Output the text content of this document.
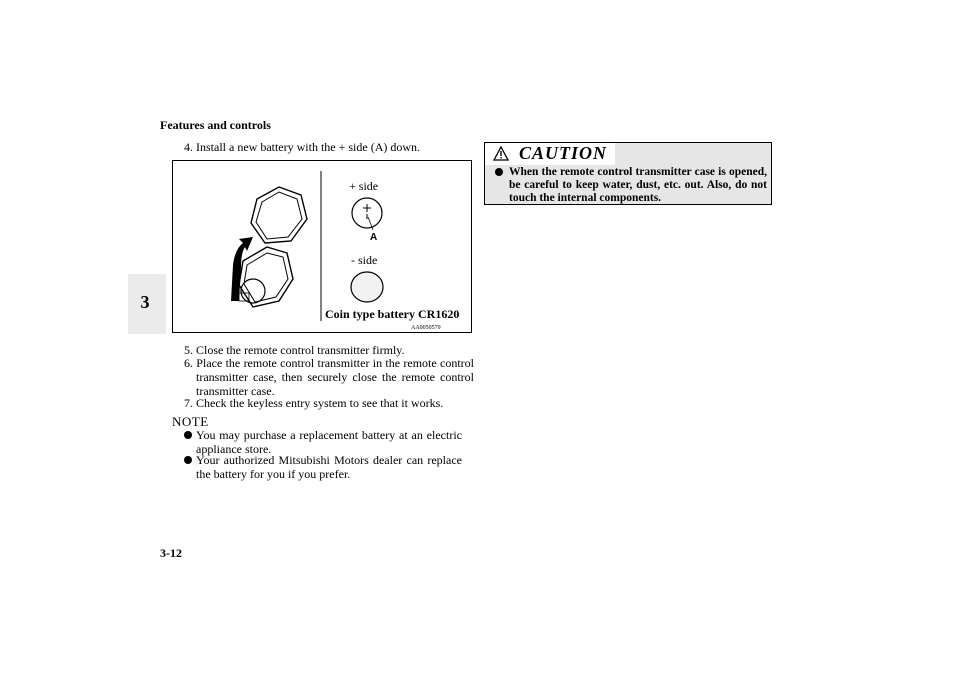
Features and controls
3
4. Install a new battery with the + side (A) down.
+ side
A
- side
Coin type battery CR1620
AA0050579
5. Close the remote control transmitter firmly.
6. Place the remote control transmitter in the remote control transmitter case, then securely close the remote control transmitter case.
7. Check the keyless entry system to see that it works.
NOTE
You may purchase a replacement battery at an electric appliance store.
Your authorized Mitsubishi Motors dealer can replace the battery for you if you prefer.
CAUTION
When the remote control transmitter case is opened, be careful to keep water, dust, etc. out. Also, do not touch the internal components.
3-12
